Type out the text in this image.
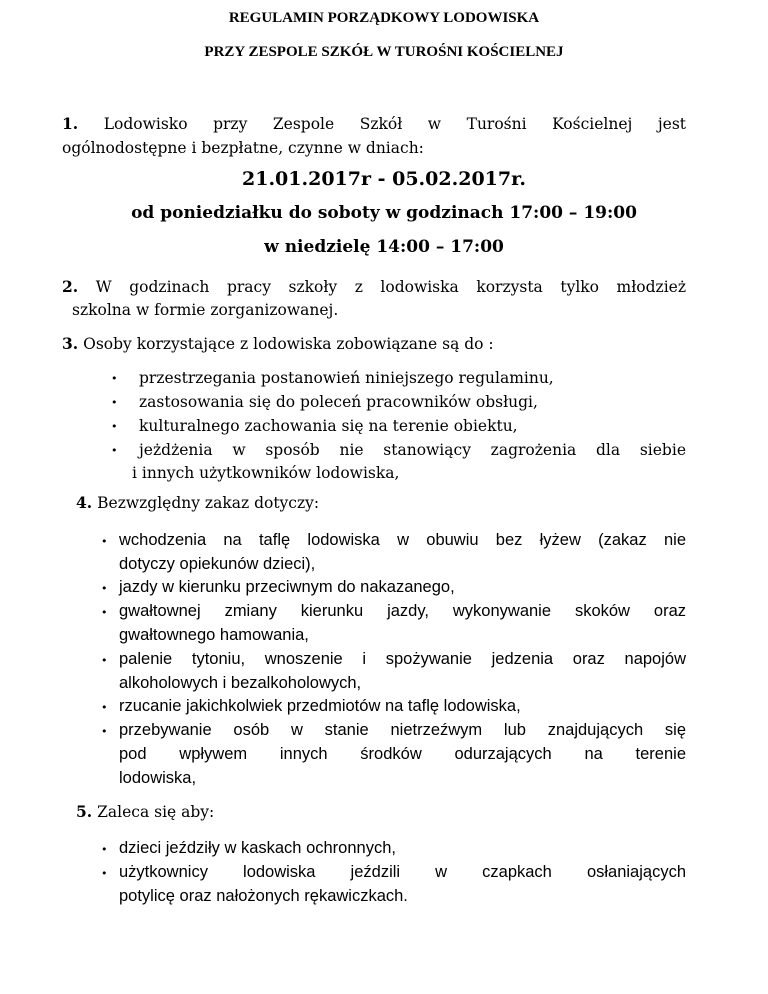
REGULAMIN PORZĄDKOWY LODOWISKA
PRZY ZESPOLE SZKÓŁ W TUROŚNI KOŚCIELNEJ
1. Lodowisko przy Zespole Szkół w Turośni Kościelnej jest
ogólnodostępne i bezpłatne, czynne w dniach:
21.01.2017r - 05.02.2017r.
od poniedziałku do soboty w godzinach 17:00 – 19:00
w niedzielę 14:00 – 17:00
2. W godzinach pracy szkoły z lodowiska korzysta tylko młodzież
szkolna w formie zorganizowanej.
3. Osoby korzystające z lodowiska zobowiązane są do :
• przestrzegania postanowień niniejszego regulaminu,
• zastosowania się do poleceń pracowników obsługi,
• kulturalnego zachowania się na terenie obiektu,
• jeżdżenia w sposób nie stanowiący zagrożenia dla siebie
i innych użytkowników lodowiska,
4. Bezwzględny zakaz dotyczy:
• wchodzenia na taflę lodowiska w obuwiu bez łyżew (zakaz nie
dotyczy opiekunów dzieci),
• jazdy w kierunku przeciwnym do nakazanego,
• gwałtownej zmiany kierunku jazdy, wykonywanie skoków oraz
gwałtownego hamowania,
• palenie tytoniu, wnoszenie i spożywanie jedzenia oraz napojów
alkoholowych i bezalkoholowych,
• rzucanie jakichkolwiek przedmiotów na taflę lodowiska,
• przebywanie osób w stanie nietrzeźwym lub znajdujących się
pod wpływem innych środków odurzających na terenie
lodowiska,
5. Zaleca się aby:
• dzieci jeździły w kaskach ochronnych,
• użytkownicy lodowiska jeździli w czapkach osłaniających
potylicę oraz nałożonych rękawiczkach.
